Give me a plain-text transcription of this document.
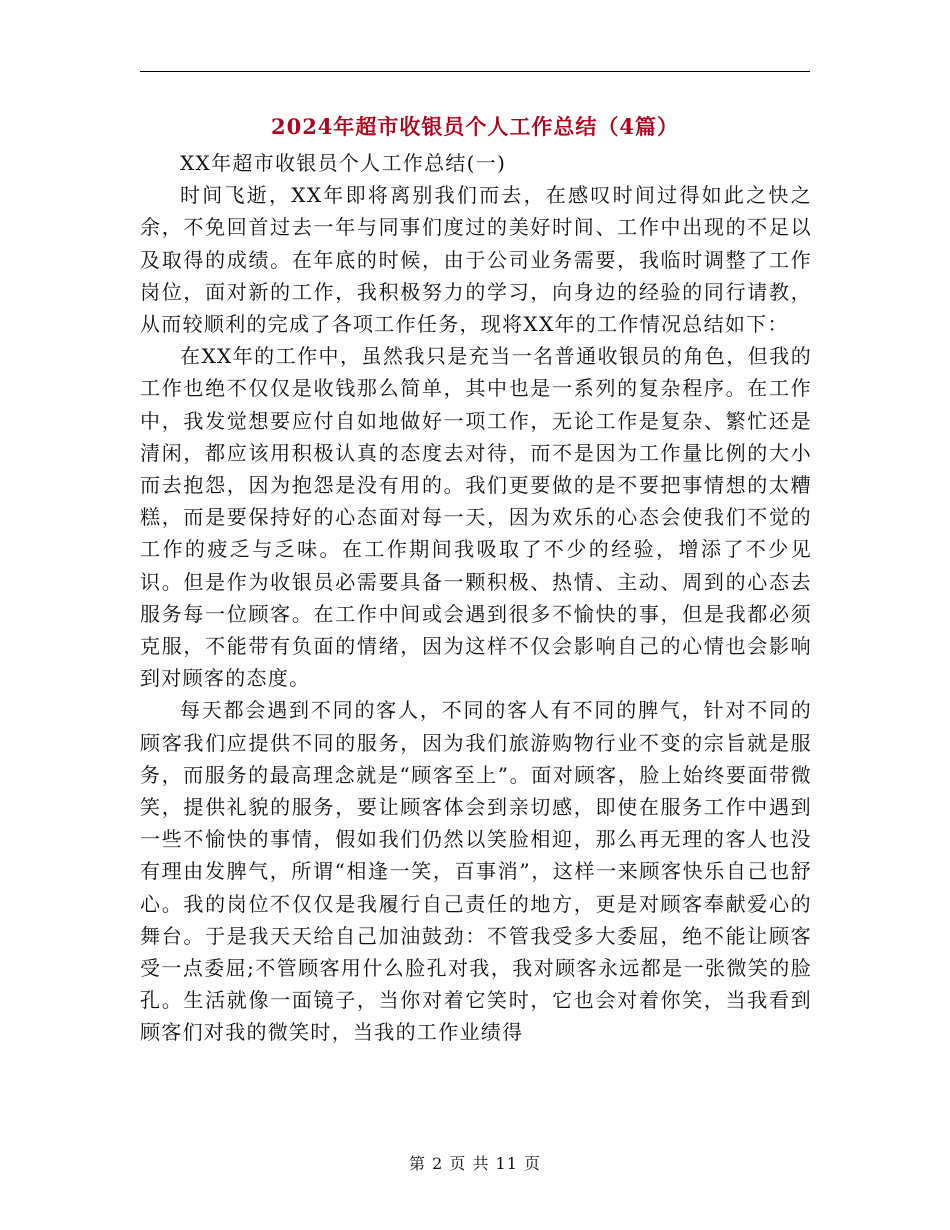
2024年超市收银员个人工作总结（4篇）

XX年超市收银员个人工作总结(一)

时间飞逝，XX年即将离别我们而去，在感叹时间过得如此之快之余，不免回首过去一年与同事们度过的美好时间、工作中出现的不足以及取得的成绩。在年底的时候，由于公司业务需要，我临时调整了工作岗位，面对新的工作，我积极努力的学习，向身边的经验的同行请教，从而较顺利的完成了各项工作任务，现将XX年的工作情况总结如下：

在XX年的工作中，虽然我只是充当一名普通收银员的角色，但我的工作也绝不仅仅是收钱那么简单，其中也是一系列的复杂程序。在工作中，我发觉想要应付自如地做好一项工作，无论工作是复杂、繁忙还是清闲，都应该用积极认真的态度去对待，而不是因为工作量比例的大小而去抱怨，因为抱怨是没有用的。我们更要做的是不要把事情想的太糟糕，而是要保持好的心态面对每一天，因为欢乐的心态会使我们不觉的工作的疲乏与乏味。在工作期间我吸取了不少的经验，增添了不少见识。但是作为收银员必需要具备一颗积极、热情、主动、周到的心态去服务每一位顾客。在工作中间或会遇到很多不愉快的事，但是我都必须克服，不能带有负面的情绪，因为这样不仅会影响自己的心情也会影响到对顾客的态度。

每天都会遇到不同的客人，不同的客人有不同的脾气，针对不同的顾客我们应提供不同的服务，因为我们旅游购物行业不变的宗旨就是服务，而服务的最高理念就是“顾客至上”。面对顾客，脸上始终要面带微笑，提供礼貌的服务，要让顾客体会到亲切感，即使在服务工作中遇到一些不愉快的事情，假如我们仍然以笑脸相迎，那么再无理的客人也没有理由发脾气，所谓“相逢一笑，百事消”，这样一来顾客快乐自己也舒心。我的岗位不仅仅是我履行自己责任的地方，更是对顾客奉献爱心的舞台。于是我天天给自己加油鼓劲：不管我受多大委屈，绝不能让顾客受一点委屈;不管顾客用什么脸孔对我，我对顾客永远都是一张微笑的脸孔。生活就像一面镜子，当你对着它笑时，它也会对着你笑，当我看到顾客们对我的微笑时，当我的工作业绩得

第 2 页 共 11 页
